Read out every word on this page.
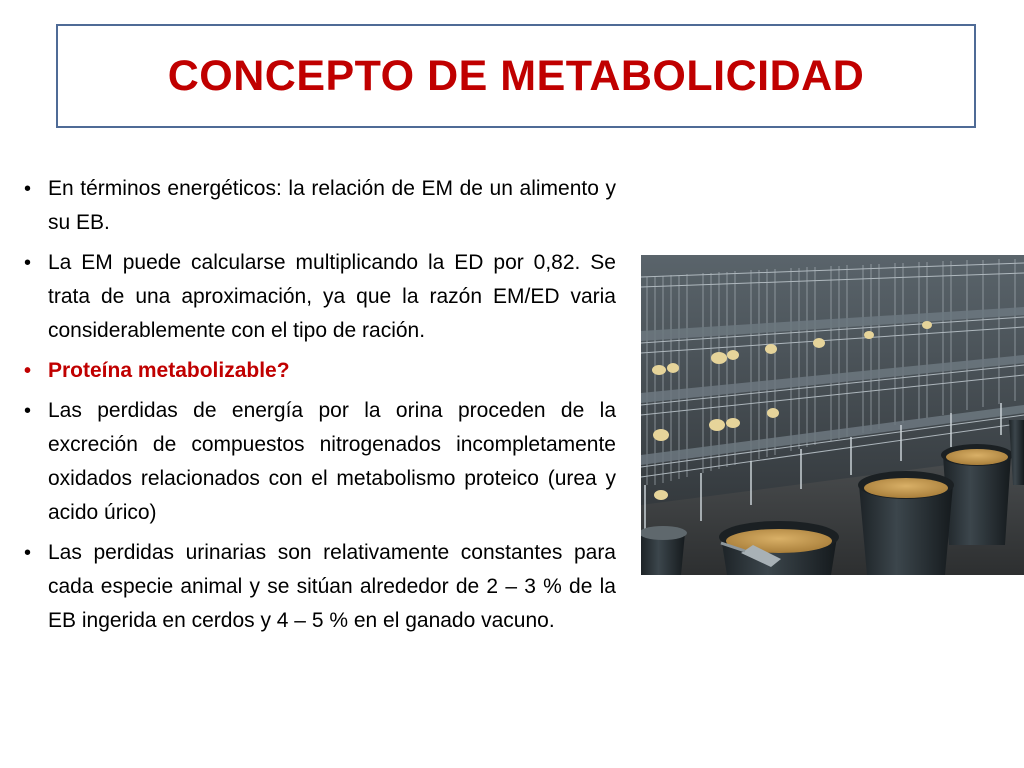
CONCEPTO DE METABOLICIDAD
• En términos energéticos: la relación de EM de un alimento y su EB.
• La EM puede calcularse multiplicando la ED por 0,82. Se trata de una aproximación, ya que la razón EM/ED varia considerablemente con el tipo de ración.
• Proteína metabolizable?
• Las perdidas de energía por la orina proceden de la excreción de compuestos nitrogenados incompletamente oxidados relacionados con el metabolismo proteico (urea y acido úrico)
• Las perdidas urinarias son relativamente constantes para cada especie animal y se sitúan alrededor de 2 – 3 % de la EB ingerida en cerdos y 4 – 5 % en el ganado vacuno.
